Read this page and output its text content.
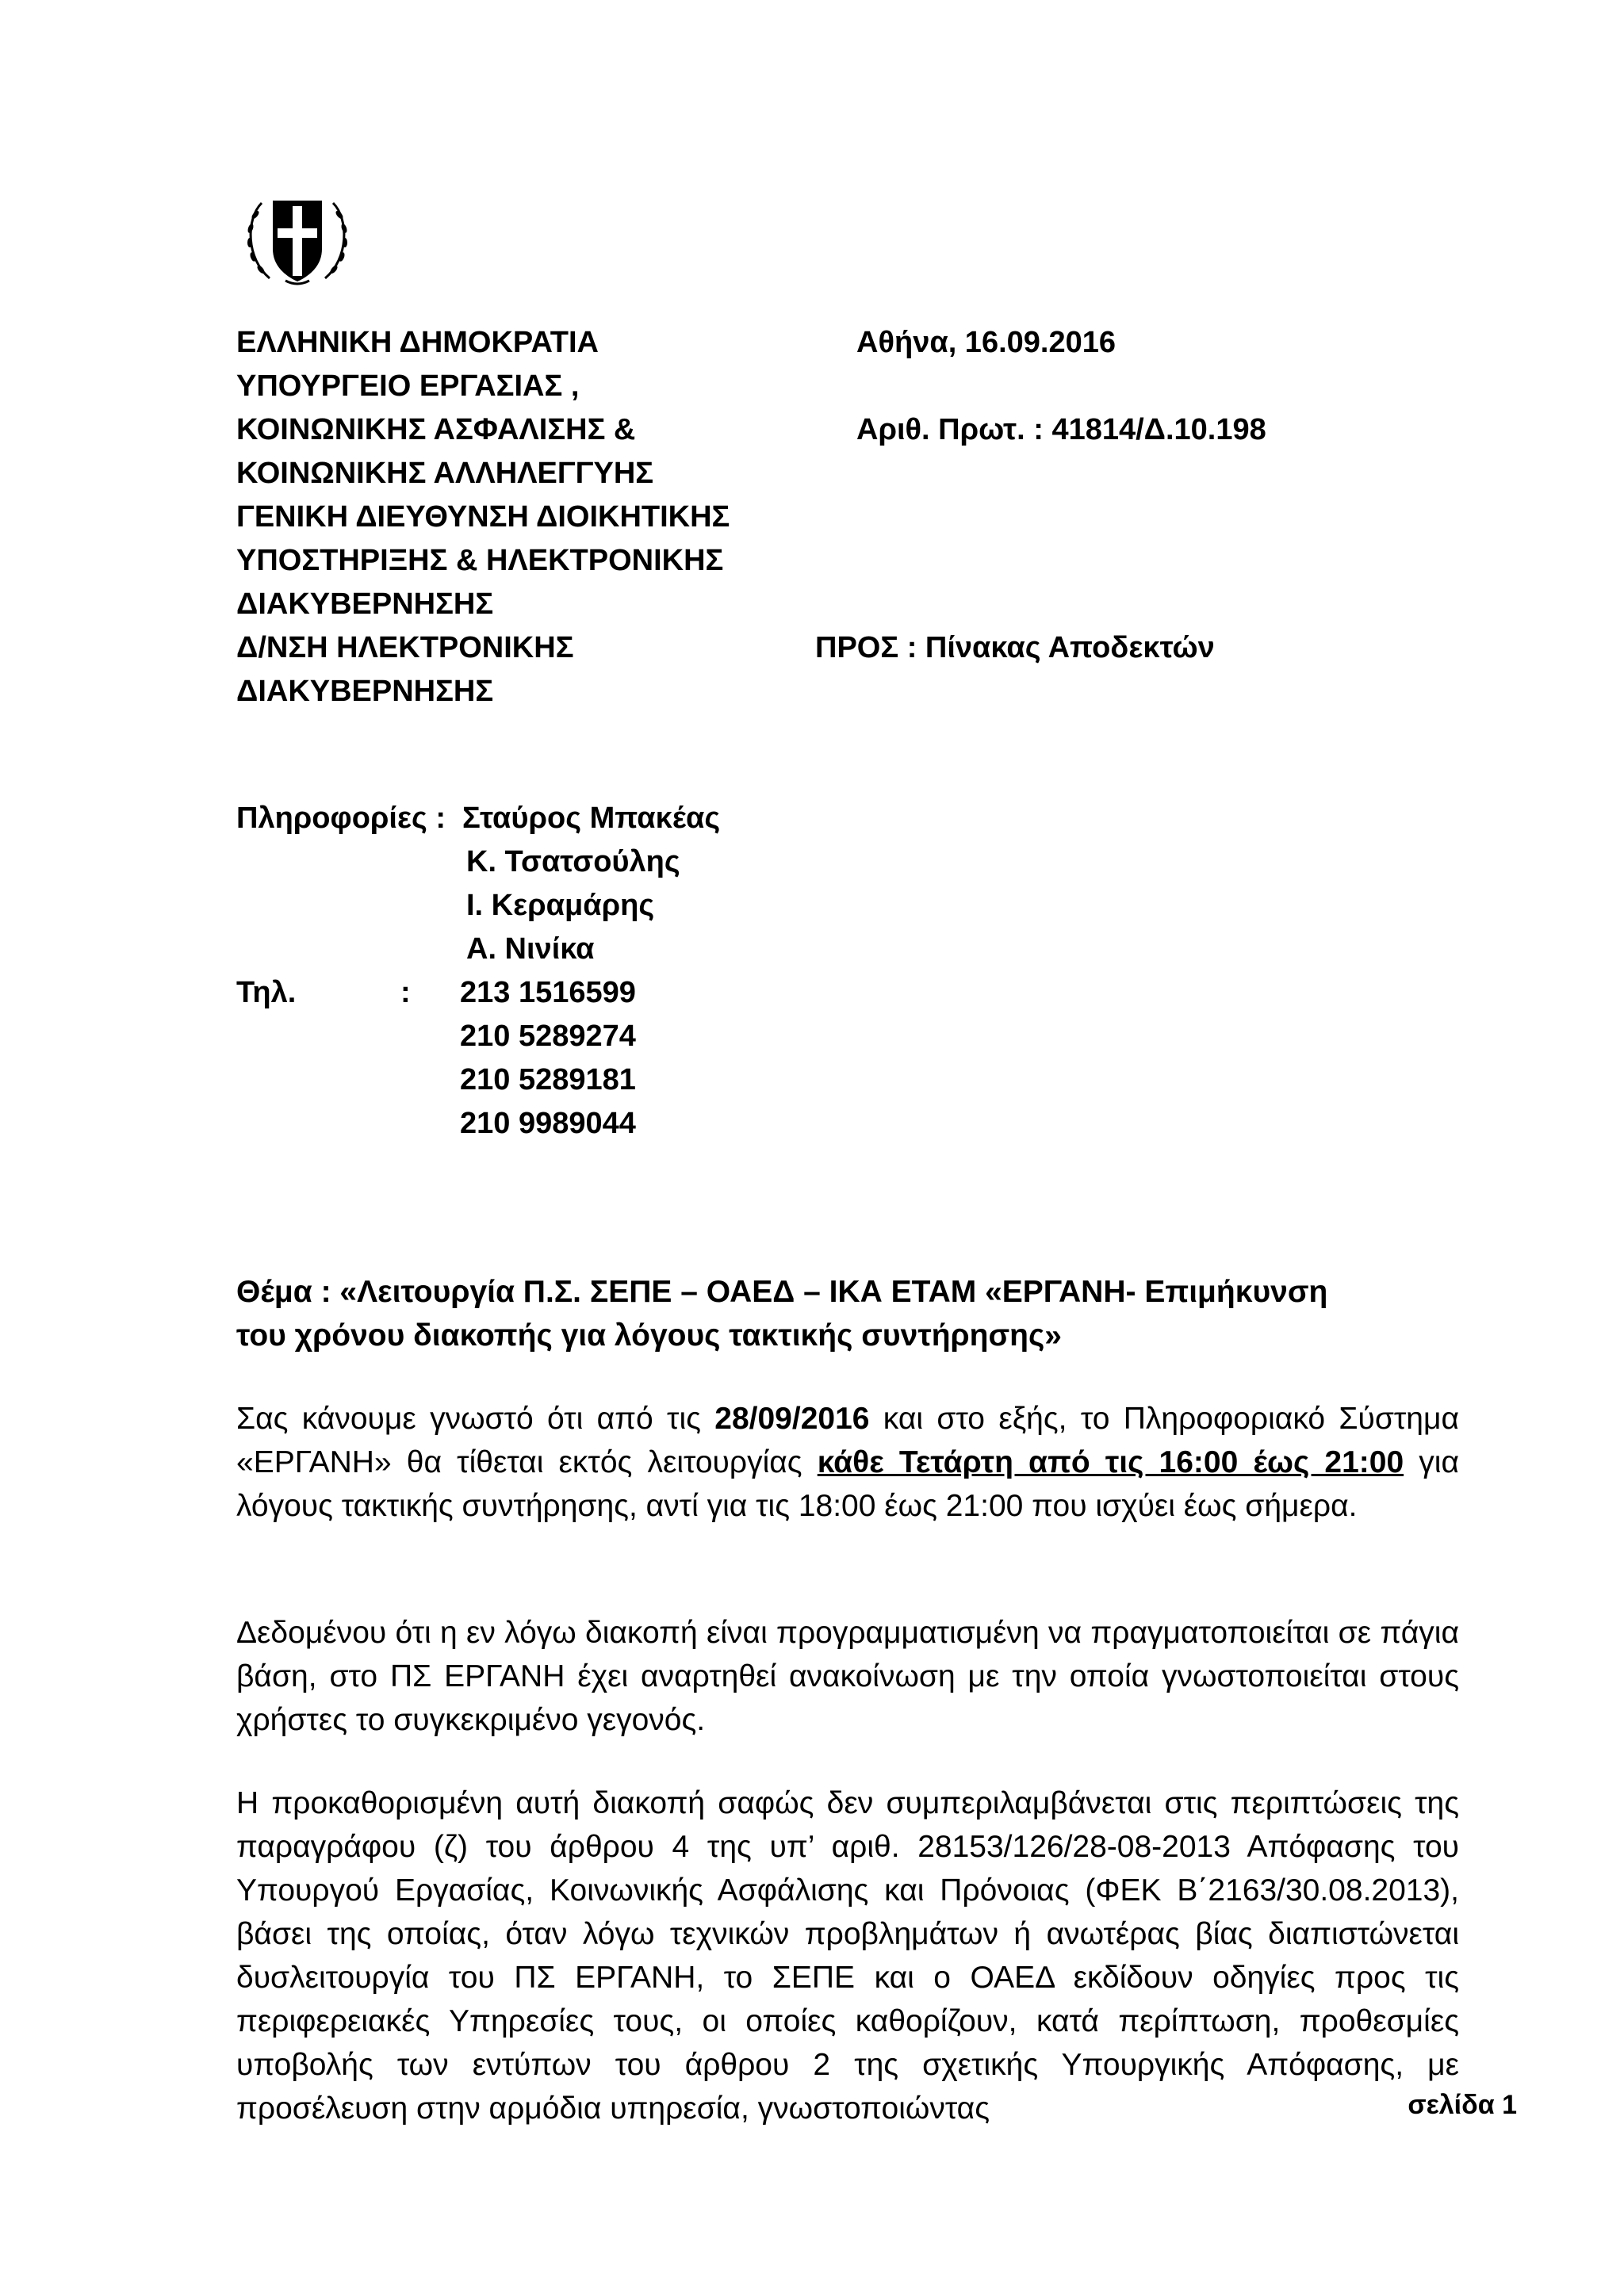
ΕΛΛΗΝΙΚΗ ΔΗΜΟΚΡΑΤΙΑ
ΥΠΟΥΡΓΕΙΟ ΕΡΓΑΣΙΑΣ ,
ΚΟΙΝΩΝΙΚΗΣ ΑΣΦΑΛΙΣΗΣ &
ΚΟΙΝΩΝΙΚΗΣ ΑΛΛΗΛΕΓΓΥΗΣ
ΓΕΝΙΚΗ ΔΙΕΥΘΥΝΣΗ ΔΙΟΙΚΗΤΙΚΗΣ
ΥΠΟΣΤΗΡΙΞΗΣ & ΗΛΕΚΤΡΟΝΙΚΗΣ
ΔΙΑΚΥΒΕΡΝΗΣΗΣ
Δ/ΝΣΗ ΗΛΕΚΤΡΟΝΙΚΗΣ
ΔΙΑΚΥΒΕΡΝΗΣΗΣ
Αθήνα, 16.09.2016
Αριθ. Πρωτ. : 41814/Δ.10.198
ΠΡΟΣ : Πίνακας Αποδεκτών
Πληροφορίες : Σταύρος Μπακέας
Κ. Τσατσούλης
Ι. Κεραμάρης
Α. Νινίκα
Τηλ.	: 213 1516599
210 5289274
210 5289181
210 9989044
Θέμα : «Λειτουργία Π.Σ. ΣΕΠΕ – ΟΑΕΔ – ΙΚΑ ΕΤΑΜ «ΕΡΓΑΝΗ- Επιμήκυνση
του χρόνου διακοπής για λόγους τακτικής συντήρησης»

Σας κάνουμε γνωστό ότι από τις 28/09/2016 και στο εξής, το Πληροφοριακό Σύστημα «ΕΡΓΑΝΗ» θα τίθεται εκτός λειτουργίας κάθε Τετάρτη από τις 16:00 έως 21:00 για λόγους τακτικής συντήρησης, αντί για τις 18:00 έως 21:00 που ισχύει έως σήμερα.

Δεδομένου ότι η εν λόγω διακοπή είναι προγραμματισμένη να πραγματοποιείται σε πάγια βάση, στο ΠΣ ΕΡΓΑΝΗ έχει αναρτηθεί ανακοίνωση με την οποία γνωστοποιείται στους χρήστες το συγκεκριμένο γεγονός.

Η προκαθορισμένη αυτή διακοπή σαφώς δεν συμπεριλαμβάνεται στις περιπτώσεις της παραγράφου (ζ) του άρθρου 4 της υπ’ αριθ. 28153/126/28-08-2013 Απόφασης του Υπουργού Εργασίας, Κοινωνικής Ασφάλισης και Πρόνοιας (ΦΕΚ Β΄2163/30.08.2013), βάσει της οποίας, όταν λόγω τεχνικών προβλημάτων ή ανωτέρας βίας διαπιστώνεται δυσλειτουργία του ΠΣ ΕΡΓΑΝΗ, το ΣΕΠΕ και ο ΟΑΕΔ εκδίδουν οδηγίες προς τις περιφερειακές Υπηρεσίες τους, οι οποίες καθορίζουν, κατά περίπτωση, προθεσμίες υποβολής των εντύπων του άρθρου 2 της σχετικής Υπουργικής Απόφασης, με προσέλευση στην αρμόδια υπηρεσία, γνωστοποιώντας	σελίδα 1
